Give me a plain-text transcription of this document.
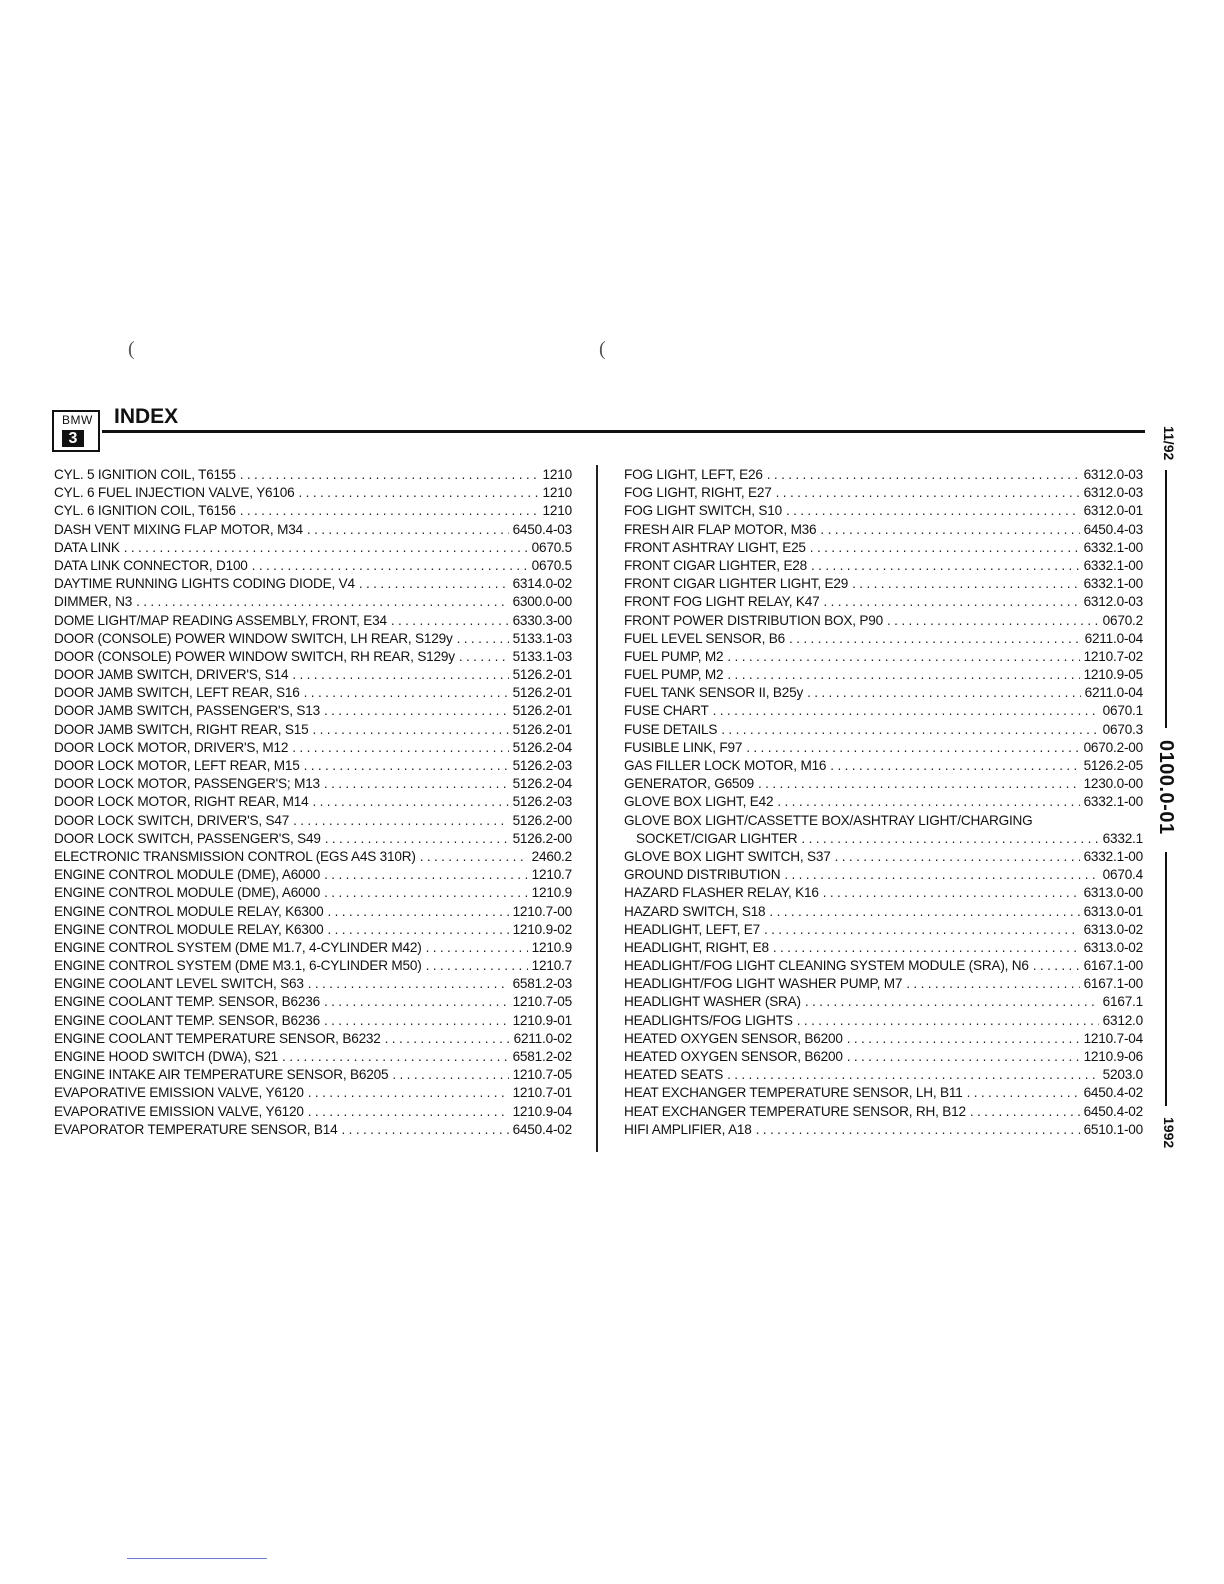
(	(
BMW
3
INDEX
CYL. 5 IGNITION COIL, T6155 . . .	1210
CYL. 6 FUEL INJECTION VALVE, Y6106 . . .	1210
CYL. 6 IGNITION COIL, T6156 . . .	1210
DASH VENT MIXING FLAP MOTOR, M34 . . .	6450.4-03
DATA LINK . . .	0670.5
DATA LINK CONNECTOR, D100 . . .	0670.5
DAYTIME RUNNING LIGHTS CODING DIODE, V4 . . .	6314.0-02
DIMMER, N3 . . .	6300.0-00
DOME LIGHT/MAP READING ASSEMBLY, FRONT, E34 . . .	6330.3-00
DOOR (CONSOLE) POWER WINDOW SWITCH, LH REAR, S129y . . .	5133.1-03
DOOR (CONSOLE) POWER WINDOW SWITCH, RH REAR, S129y . . .	5133.1-03
DOOR JAMB SWITCH, DRIVER'S, S14 . . .	5126.2-01
DOOR JAMB SWITCH, LEFT REAR, S16 . . .	5126.2-01
DOOR JAMB SWITCH, PASSENGER'S, S13 . . .	5126.2-01
DOOR JAMB SWITCH, RIGHT REAR, S15 . . .	5126.2-01
DOOR LOCK MOTOR, DRIVER'S, M12 . . .	5126.2-04
DOOR LOCK MOTOR, LEFT REAR, M15 . . .	5126.2-03
DOOR LOCK MOTOR, PASSENGER'S; M13 . . .	5126.2-04
DOOR LOCK MOTOR, RIGHT REAR, M14 . . .	5126.2-03
DOOR LOCK SWITCH, DRIVER'S, S47 . . .	5126.2-00
DOOR LOCK SWITCH, PASSENGER'S, S49 . . .	5126.2-00
ELECTRONIC TRANSMISSION CONTROL (EGS A4S 310R) . . .	2460.2
ENGINE CONTROL MODULE (DME), A6000 . . .	1210.7
ENGINE CONTROL MODULE (DME), A6000 . . .	1210.9
ENGINE CONTROL MODULE RELAY, K6300 . . .	1210.7-00
ENGINE CONTROL MODULE RELAY, K6300 . . .	1210.9-02
ENGINE CONTROL SYSTEM (DME M1.7, 4-CYLINDER M42) . . .	1210.9
ENGINE CONTROL SYSTEM (DME M3.1, 6-CYLINDER M50) . . .	1210.7
ENGINE COOLANT LEVEL SWITCH, S63 . . .	6581.2-03
ENGINE COOLANT TEMP. SENSOR, B6236 . . .	1210.7-05
ENGINE COOLANT TEMP. SENSOR, B6236 . . .	1210.9-01
ENGINE COOLANT TEMPERATURE SENSOR, B6232 . . .	6211.0-02
ENGINE HOOD SWITCH (DWA), S21 . . .	6581.2-02
ENGINE INTAKE AIR TEMPERATURE SENSOR, B6205 . . .	1210.7-05
EVAPORATIVE EMISSION VALVE, Y6120 . . .	1210.7-01
EVAPORATIVE EMISSION VALVE, Y6120 . . .	1210.9-04
EVAPORATOR TEMPERATURE SENSOR, B14 . . .	6450.4-02
FOG LIGHT, LEFT, E26 . . .	6312.0-03
FOG LIGHT, RIGHT, E27 . . .	6312.0-03
FOG LIGHT SWITCH, S10 . . .	6312.0-01
FRESH AIR FLAP MOTOR, M36 . . .	6450.4-03
FRONT ASHTRAY LIGHT, E25 . . .	6332.1-00
FRONT CIGAR LIGHTER, E28 . . .	6332.1-00
FRONT CIGAR LIGHTER LIGHT, E29 . . .	6332.1-00
FRONT FOG LIGHT RELAY, K47 . . .	6312.0-03
FRONT POWER DISTRIBUTION BOX, P90 . . .	0670.2
FUEL LEVEL SENSOR, B6 . . .	6211.0-04
FUEL PUMP, M2 . . .	1210.7-02
FUEL PUMP, M2 . . .	1210.9-05
FUEL TANK SENSOR II, B25y . . .	6211.0-04
FUSE CHART . . .	0670.1
FUSE DETAILS . . .	0670.3
FUSIBLE LINK, F97 . . .	0670.2-00
GAS FILLER LOCK MOTOR, M16 . . .	5126.2-05
GENERATOR, G6509 . . .	1230.0-00
GLOVE BOX LIGHT, E42 . . .	6332.1-00
GLOVE BOX LIGHT/CASSETTE BOX/ASHTRAY LIGHT/CHARGING
SOCKET/CIGAR LIGHTER . . .	6332.1
GLOVE BOX LIGHT SWITCH, S37 . . .	6332.1-00
GROUND DISTRIBUTION . . .	0670.4
HAZARD FLASHER RELAY, K16 . . .	6313.0-00
HAZARD SWITCH, S18 . . .	6313.0-01
HEADLIGHT, LEFT, E7 . . .	6313.0-02
HEADLIGHT, RIGHT, E8 . . .	6313.0-02
HEADLIGHT/FOG LIGHT CLEANING SYSTEM MODULE (SRA), N6 . . .	6167.1-00
HEADLIGHT/FOG LIGHT WASHER PUMP, M7 . . .	6167.1-00
HEADLIGHT WASHER (SRA) . . .	6167.1
HEADLIGHTS/FOG LIGHTS . . .	6312.0
HEATED OXYGEN SENSOR, B6200 . . .	1210.7-04
HEATED OXYGEN SENSOR, B6200 . . .	1210.9-06
HEATED SEATS . . .	5203.0
HEAT EXCHANGER TEMPERATURE SENSOR, LH, B11 . . .	6450.4-02
HEAT EXCHANGER TEMPERATURE SENSOR, RH, B12 . . .	6450.4-02
HIFI AMPLIFIER, A18 . . .	6510.1-00
11/92
0100.0-01
1992
